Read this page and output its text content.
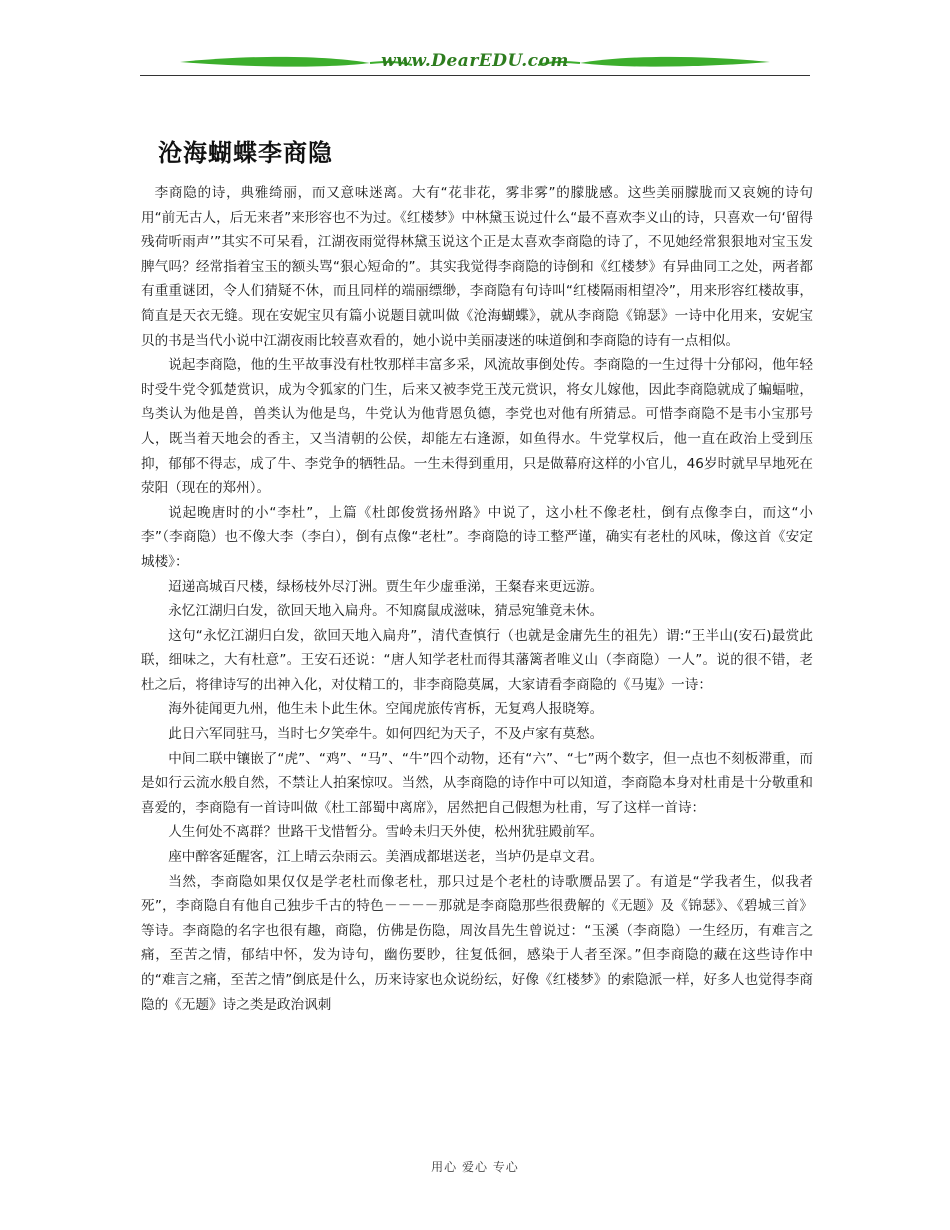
www.DearEDU.com
沧海蝴蝶李商隐

李商隐的诗，典雅绮丽，而又意味迷离。大有“花非花，雾非雾”的朦胧感。这些美丽朦胧而又哀婉的诗句用“前无古人，后无来者”来形容也不为过。《红楼梦》中林黛玉说过什么“最不喜欢李义山的诗，只喜欢一句‘留得残荷听雨声’”其实不可呆看，江湖夜雨觉得林黛玉说这个正是太喜欢李商隐的诗了，不见她经常狠狠地对宝玉发脾气吗？经常指着宝玉的额头骂“狠心短命的”。其实我觉得李商隐的诗倒和《红楼梦》有异曲同工之处，两者都有重重谜团，令人们猜疑不休，而且同样的端丽缥缈，李商隐有句诗叫“红楼隔雨相望冷”，用来形容红楼故事，简直是天衣无缝。现在安妮宝贝有篇小说题目就叫做《沧海蝴蝶》，就从李商隐《锦瑟》一诗中化用来，安妮宝贝的书是当代小说中江湖夜雨比较喜欢看的，她小说中美丽凄迷的味道倒和李商隐的诗有一点相似。

说起李商隐，他的生平故事没有杜牧那样丰富多采，风流故事倒处传。李商隐的一生过得十分郁闷，他年轻时受牛党令狐楚赏识，成为令狐家的门生，后来又被李党王茂元赏识，将女儿嫁他，因此李商隐就成了蝙蝠啦，鸟类认为他是兽，兽类认为他是鸟，牛党认为他背恩负德，李党也对他有所猜忌。可惜李商隐不是韦小宝那号人，既当着天地会的香主，又当清朝的公侯，却能左右逢源，如鱼得水。牛党掌权后，他一直在政治上受到压抑，郁郁不得志，成了牛、李党争的牺牲品。一生未得到重用，只是做幕府这样的小官儿，46岁时就早早地死在荥阳（现在的郑州）。

说起晚唐时的小“李杜”，上篇《杜郎俊赏扬州路》中说了，这小杜不像老杜，倒有点像李白，而这“小李”（李商隐）也不像大李（李白），倒有点像“老杜”。李商隐的诗工整严谨，确实有老杜的风味，像这首《安定城楼》：

迢递高城百尺楼，绿杨枝外尽汀洲。贾生年少虚垂涕，王粲春来更远游。

永忆江湖归白发，欲回天地入扁舟。不知腐鼠成滋味，猜忌宛雏竟未休。

这句“永忆江湖归白发，欲回天地入扁舟”，清代查慎行（也就是金庸先生的祖先）谓:“王半山(安石)最赏此联，细味之，大有杜意”。王安石还说：“唐人知学老杜而得其藩篱者唯义山（李商隐）一人”。说的很不错，老杜之后，将律诗写的出神入化，对仗精工的，非李商隐莫属，大家请看李商隐的《马嵬》一诗：

海外徒闻更九州，他生未卜此生休。空闻虎旅传宵柝，无复鸡人报晓筹。

此日六军同驻马，当时七夕笑牵牛。如何四纪为天子，不及卢家有莫愁。

中间二联中镶嵌了“虎”、“鸡”、“马”、“牛”四个动物，还有“六”、“七”两个数字，但一点也不刻板滞重，而是如行云流水般自然，不禁让人拍案惊叹。当然，从李商隐的诗作中可以知道，李商隐本身对杜甫是十分敬重和喜爱的，李商隐有一首诗叫做《杜工部蜀中离席》，居然把自己假想为杜甫，写了这样一首诗：

人生何处不离群？世路干戈惜暂分。雪岭未归天外使，松州犹驻殿前军。

座中醉客延醒客，江上晴云杂雨云。美酒成都堪送老，当垆仍是卓文君。

当然，李商隐如果仅仅是学老杜而像老杜，那只过是个老杜的诗歌赝品罢了。有道是“学我者生，似我者死”，李商隐自有他自己独步千古的特色－－－－那就是李商隐那些很费解的《无题》及《锦瑟》、《碧城三首》等诗。李商隐的名字也很有趣，商隐，仿佛是伤隐，周汝昌先生曾说过：“玉溪（李商隐）一生经历，有难言之痛，至苦之情，郁结中怀，发为诗句，幽伤要眇，往复低徊，感染于人者至深。”但李商隐的藏在这些诗作中的“难言之痛，至苦之情”倒底是什么，历来诗家也众说纷纭，好像《红楼梦》的索隐派一样，好多人也觉得李商隐的《无题》诗之类是政治讽刺

用心 爱心 专心
